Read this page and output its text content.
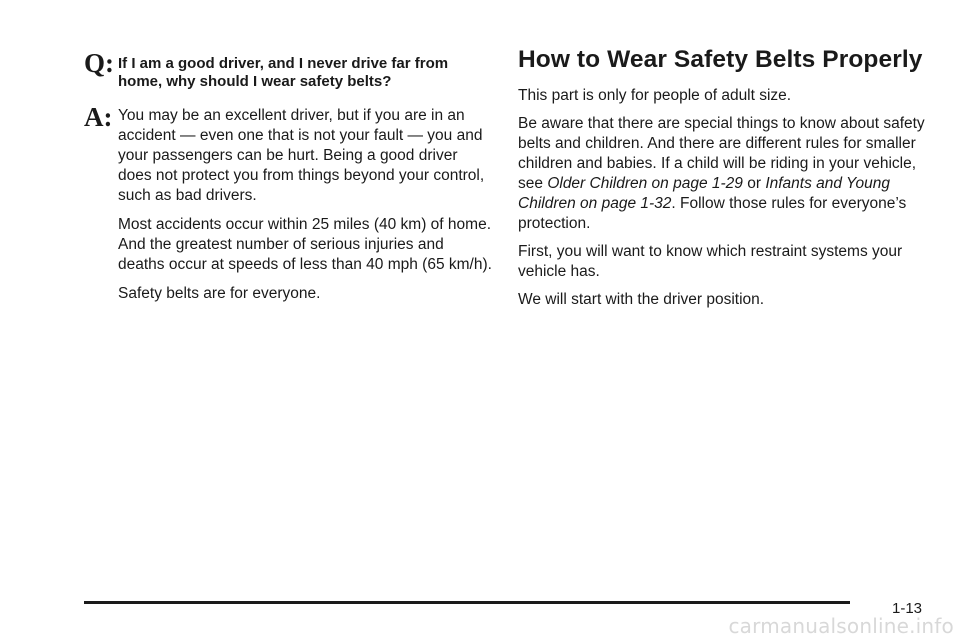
Q: If I am a good driver, and I never drive far from home, why should I wear safety belts?
A: You may be an excellent driver, but if you are in an accident — even one that is not your fault — you and your passengers can be hurt. Being a good driver does not protect you from things beyond your control, such as bad drivers.

Most accidents occur within 25 miles (40 km) of home. And the greatest number of serious injuries and deaths occur at speeds of less than 40 mph (65 km/h).

Safety belts are for everyone.

How to Wear Safety Belts Properly

This part is only for people of adult size.

Be aware that there are special things to know about safety belts and children. And there are different rules for smaller children and babies. If a child will be riding in your vehicle, see Older Children on page 1-29 or Infants and Young Children on page 1-32. Follow those rules for everyone’s protection.

First, you will want to know which restraint systems your vehicle has.

We will start with the driver position.

1-13
carmanualsonline.info
